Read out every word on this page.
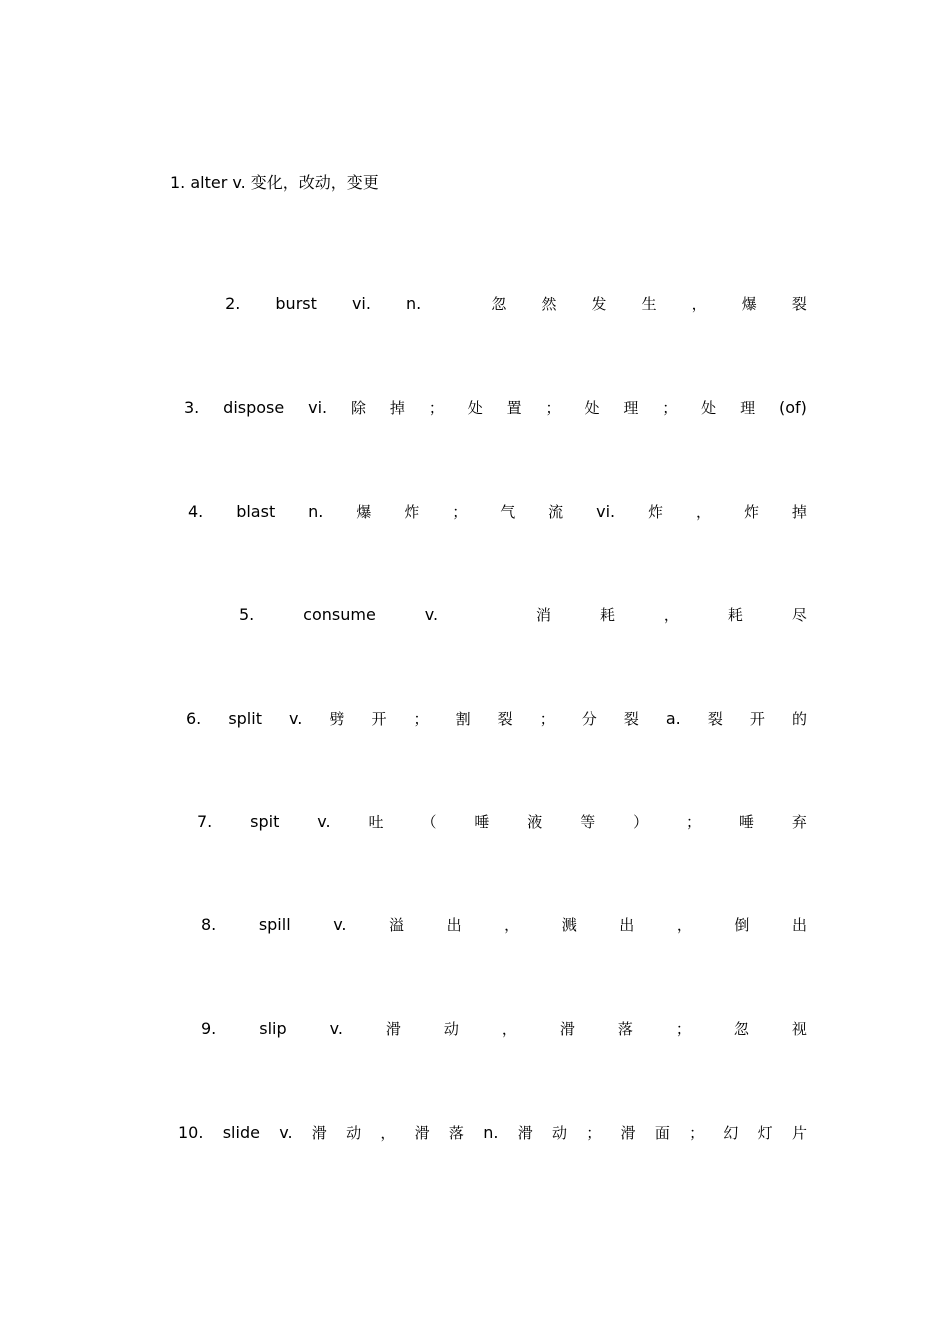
1. alter v. 变化，改动，变更
2. burst vi. n.	忽 然 发 生 ， 爆 裂
3. dispose vi. 除 掉 ； 处 置 ； 处 理 ； 处 理 (of)
4. blast n. 爆 炸 ； 气 流 vi. 炸 ， 炸 掉
5.	consume	v.	消	耗	，	耗	尽
6. split v. 劈 开 ； 割 裂 ； 分 裂 a. 裂 开 的
7. spit v.	吐	（	唾	液	等	）	；	唾	弃
8.	spill	v.	溢	出	，	溅	出	，	倒	出
9.	slip	v.	滑	动	，	滑	落	；	忽	视
10. slide v. 滑 动 ， 滑 落 n. 滑 动 ； 滑 面 ； 幻 灯 片
